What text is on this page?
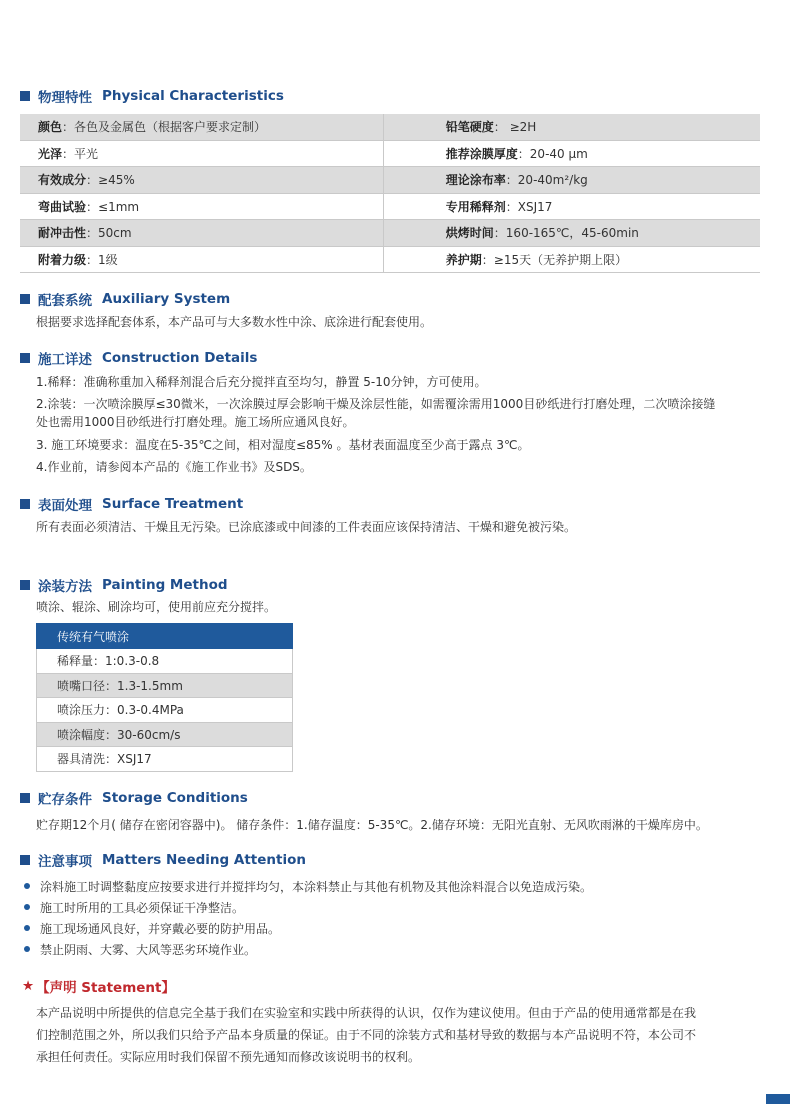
物理特性 Physical Characteristics
颜色：各色及金属色（根据客户要求定制）	铅笔硬度： ≥2H
光泽：平光	推荐涂膜厚度：20-40 μm
有效成分：≥45%	理论涂布率：20-40m²/kg
弯曲试验：≤1mm	专用稀释剂：XSJ17
耐冲击性：50cm	烘烤时间：160-165℃，45-60min
附着力级：1级	养护期：≥15天（无养护期上限）
配套系统 Auxiliary System
根据要求选择配套体系，本产品可与大多数水性中涂、底涂进行配套使用。
施工详述 Construction Details
1.稀释：准确称重加入稀释剂混合后充分搅拌直至均匀，静置 5-10分钟，方可使用。
2.涂装：一次喷涂膜厚≤30微米，一次涂膜过厚会影响干燥及涂层性能，如需覆涂需用1000目砂纸进行打磨处理，二次喷涂接缝
处也需用1000目砂纸进行打磨处理。施工场所应通风良好。
3. 施工环境要求：温度在5-35℃之间，相对湿度≤85% 。基材表面温度至少高于露点 3℃。
4.作业前，请参阅本产品的《施工作业书》及SDS。
表面处理 Surface Treatment
所有表面必须清洁、干燥且无污染。已涂底漆或中间漆的工件表面应该保持清洁、干燥和避免被污染。
涂装方法 Painting Method
喷涂、辊涂、刷涂均可，使用前应充分搅拌。
传统有气喷涂
稀释量：1:0.3-0.8
喷嘴口径：1.3-1.5mm
喷涂压力：0.3-0.4MPa
喷涂幅度：30-60cm/s
器具清洗：XSJ17
贮存条件 Storage Conditions
贮存期12个月( 储存在密闭容器中)。 储存条件：1.储存温度：5-35℃。2.储存环境：无阳光直射、无风吹雨淋的干燥库房中。
注意事项 Matters Needing Attention
涂料施工时调整黏度应按要求进行并搅拌均匀，本涂料禁止与其他有机物及其他涂料混合以免造成污染。
施工时所用的工具必须保证干净整洁。
施工现场通风良好，并穿戴必要的防护用品。
禁止阴雨、大雾、大风等恶劣环境作业。
★ 【声明 Statement】
本产品说明中所提供的信息完全基于我们在实验室和实践中所获得的认识，仅作为建议使用。但由于产品的使用通常都是在我
们控制范围之外，所以我们只给予产品本身质量的保证。由于不同的涂装方式和基材导致的数据与本产品说明不符，本公司不
承担任何责任。实际应用时我们保留不预先通知而修改该说明书的权利。
